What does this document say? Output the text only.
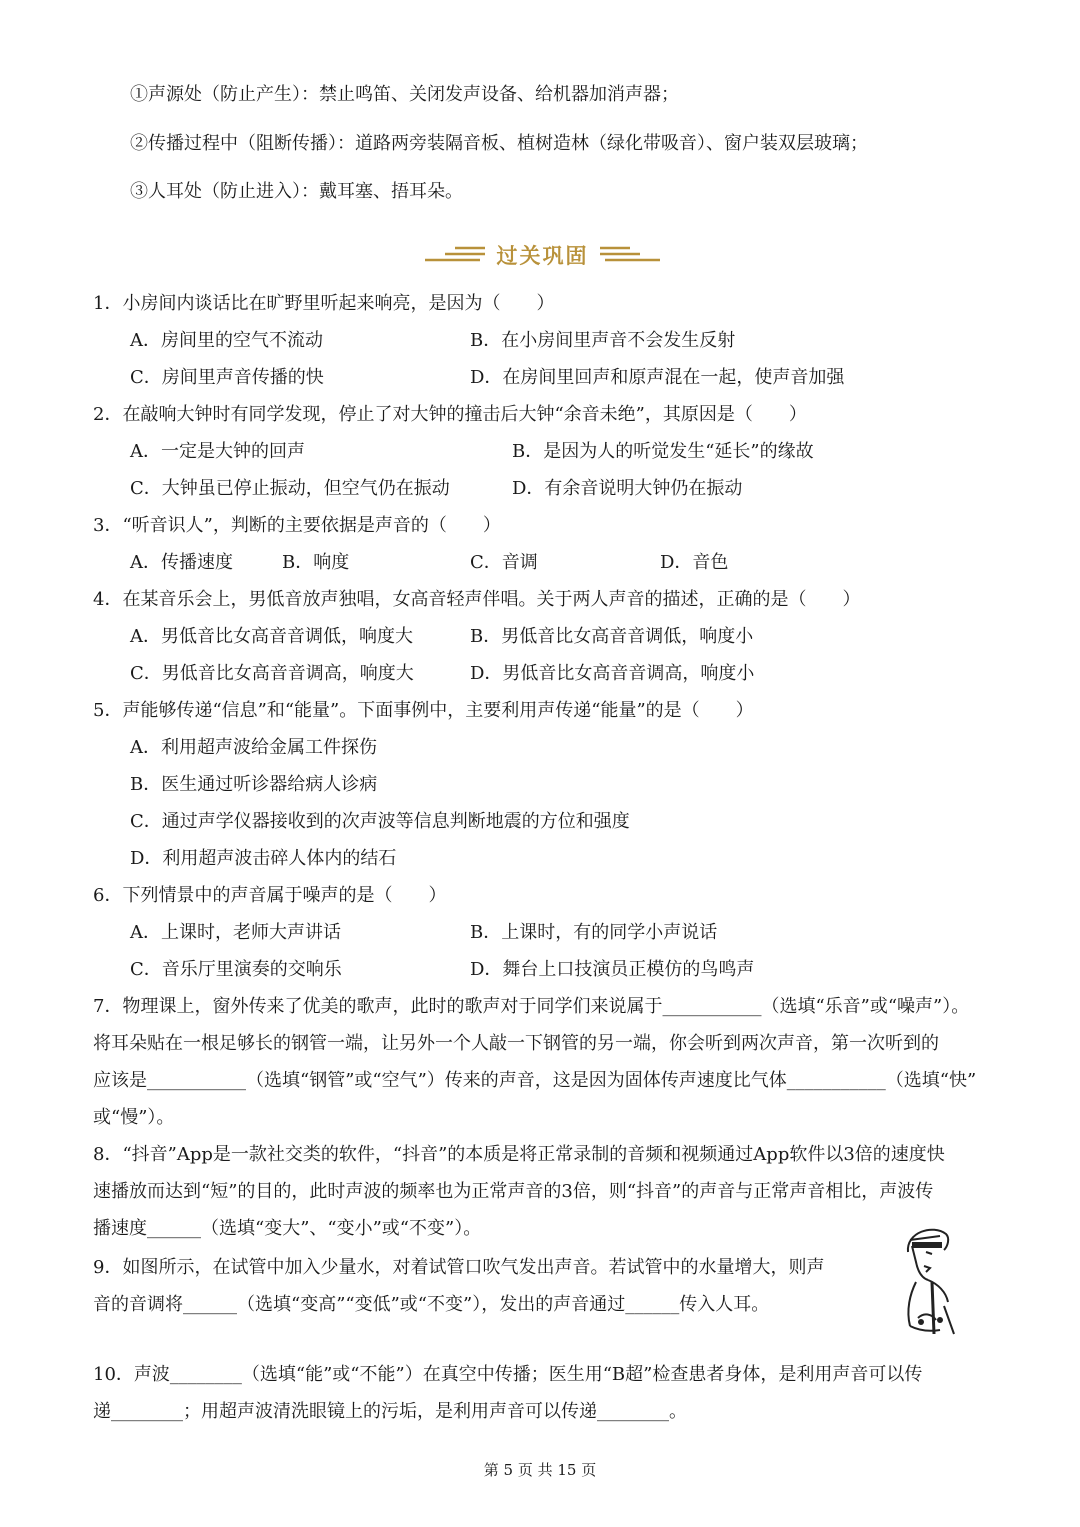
①声源处（防止产生）：禁止鸣笛、关闭发声设备、给机器加消声器；
②传播过程中（阻断传播）：道路两旁装隔音板、植树造林（绿化带吸音）、窗户装双层玻璃；
③人耳处（防止进入）：戴耳塞、捂耳朵。
过关巩固
1．小房间内谈话比在旷野里听起来响亮，是因为（　　）
A．房间里的空气不流动	B．在小房间里声音不会发生反射
C．房间里声音传播的快	D．在房间里回声和原声混在一起，使声音加强
2．在敲响大钟时有同学发现，停止了对大钟的撞击后大钟“余音未绝”，其原因是（　　）
A．一定是大钟的回声	B．是因为人的听觉发生“延长”的缘故
C．大钟虽已停止振动，但空气仍在振动	D．有余音说明大钟仍在振动
3．“听音识人”，判断的主要依据是声音的（　　）
A．传播速度	B．响度	C．音调	D．音色
4．在某音乐会上，男低音放声独唱，女高音轻声伴唱。关于两人声音的描述，正确的是（　　）
A．男低音比女高音音调低，响度大	B．男低音比女高音音调低，响度小
C．男低音比女高音音调高，响度大	D．男低音比女高音音调高，响度小
5．声能够传递“信息”和“能量”。下面事例中，主要利用声传递“能量”的是（　　）
A．利用超声波给金属工件探伤
B．医生通过听诊器给病人诊病
C．通过声学仪器接收到的次声波等信息判断地震的方位和强度
D．利用超声波击碎人体内的结石
6．下列情景中的声音属于噪声的是（　　）
A．上课时，老师大声讲话	B．上课时，有的同学小声说话
C．音乐厅里演奏的交响乐	D．舞台上口技演员正模仿的鸟鸣声
7．物理课上，窗外传来了优美的歌声，此时的歌声对于同学们来说属于___________（选填“乐音”或“噪声”）。
将耳朵贴在一根足够长的钢管一端，让另外一个人敲一下钢管的另一端，你会听到两次声音，第一次听到的
应该是___________（选填“钢管”或“空气”）传来的声音，这是因为固体传声速度比气体___________（选填“快”
或“慢”）。
8．“抖音”App是一款社交类的软件，“抖音”的本质是将正常录制的音频和视频通过App软件以3倍的速度快
速播放而达到“短”的目的，此时声波的频率也为正常声音的3倍，则“抖音”的声音与正常声音相比，声波传
播速度______（选填“变大”、“变小”或“不变”）。
9．如图所示，在试管中加入少量水，对着试管口吹气发出声音。若试管中的水量增大，则声
音的音调将______（选填“变高”“变低”或“不变”），发出的声音通过______传入人耳。
10．声波________（选填“能”或“不能”）在真空中传播；医生用“B超”检查患者身体，是利用声音可以传
递________；用超声波清洗眼镜上的污垢，是利用声音可以传递________。
第 5 页 共 15 页
